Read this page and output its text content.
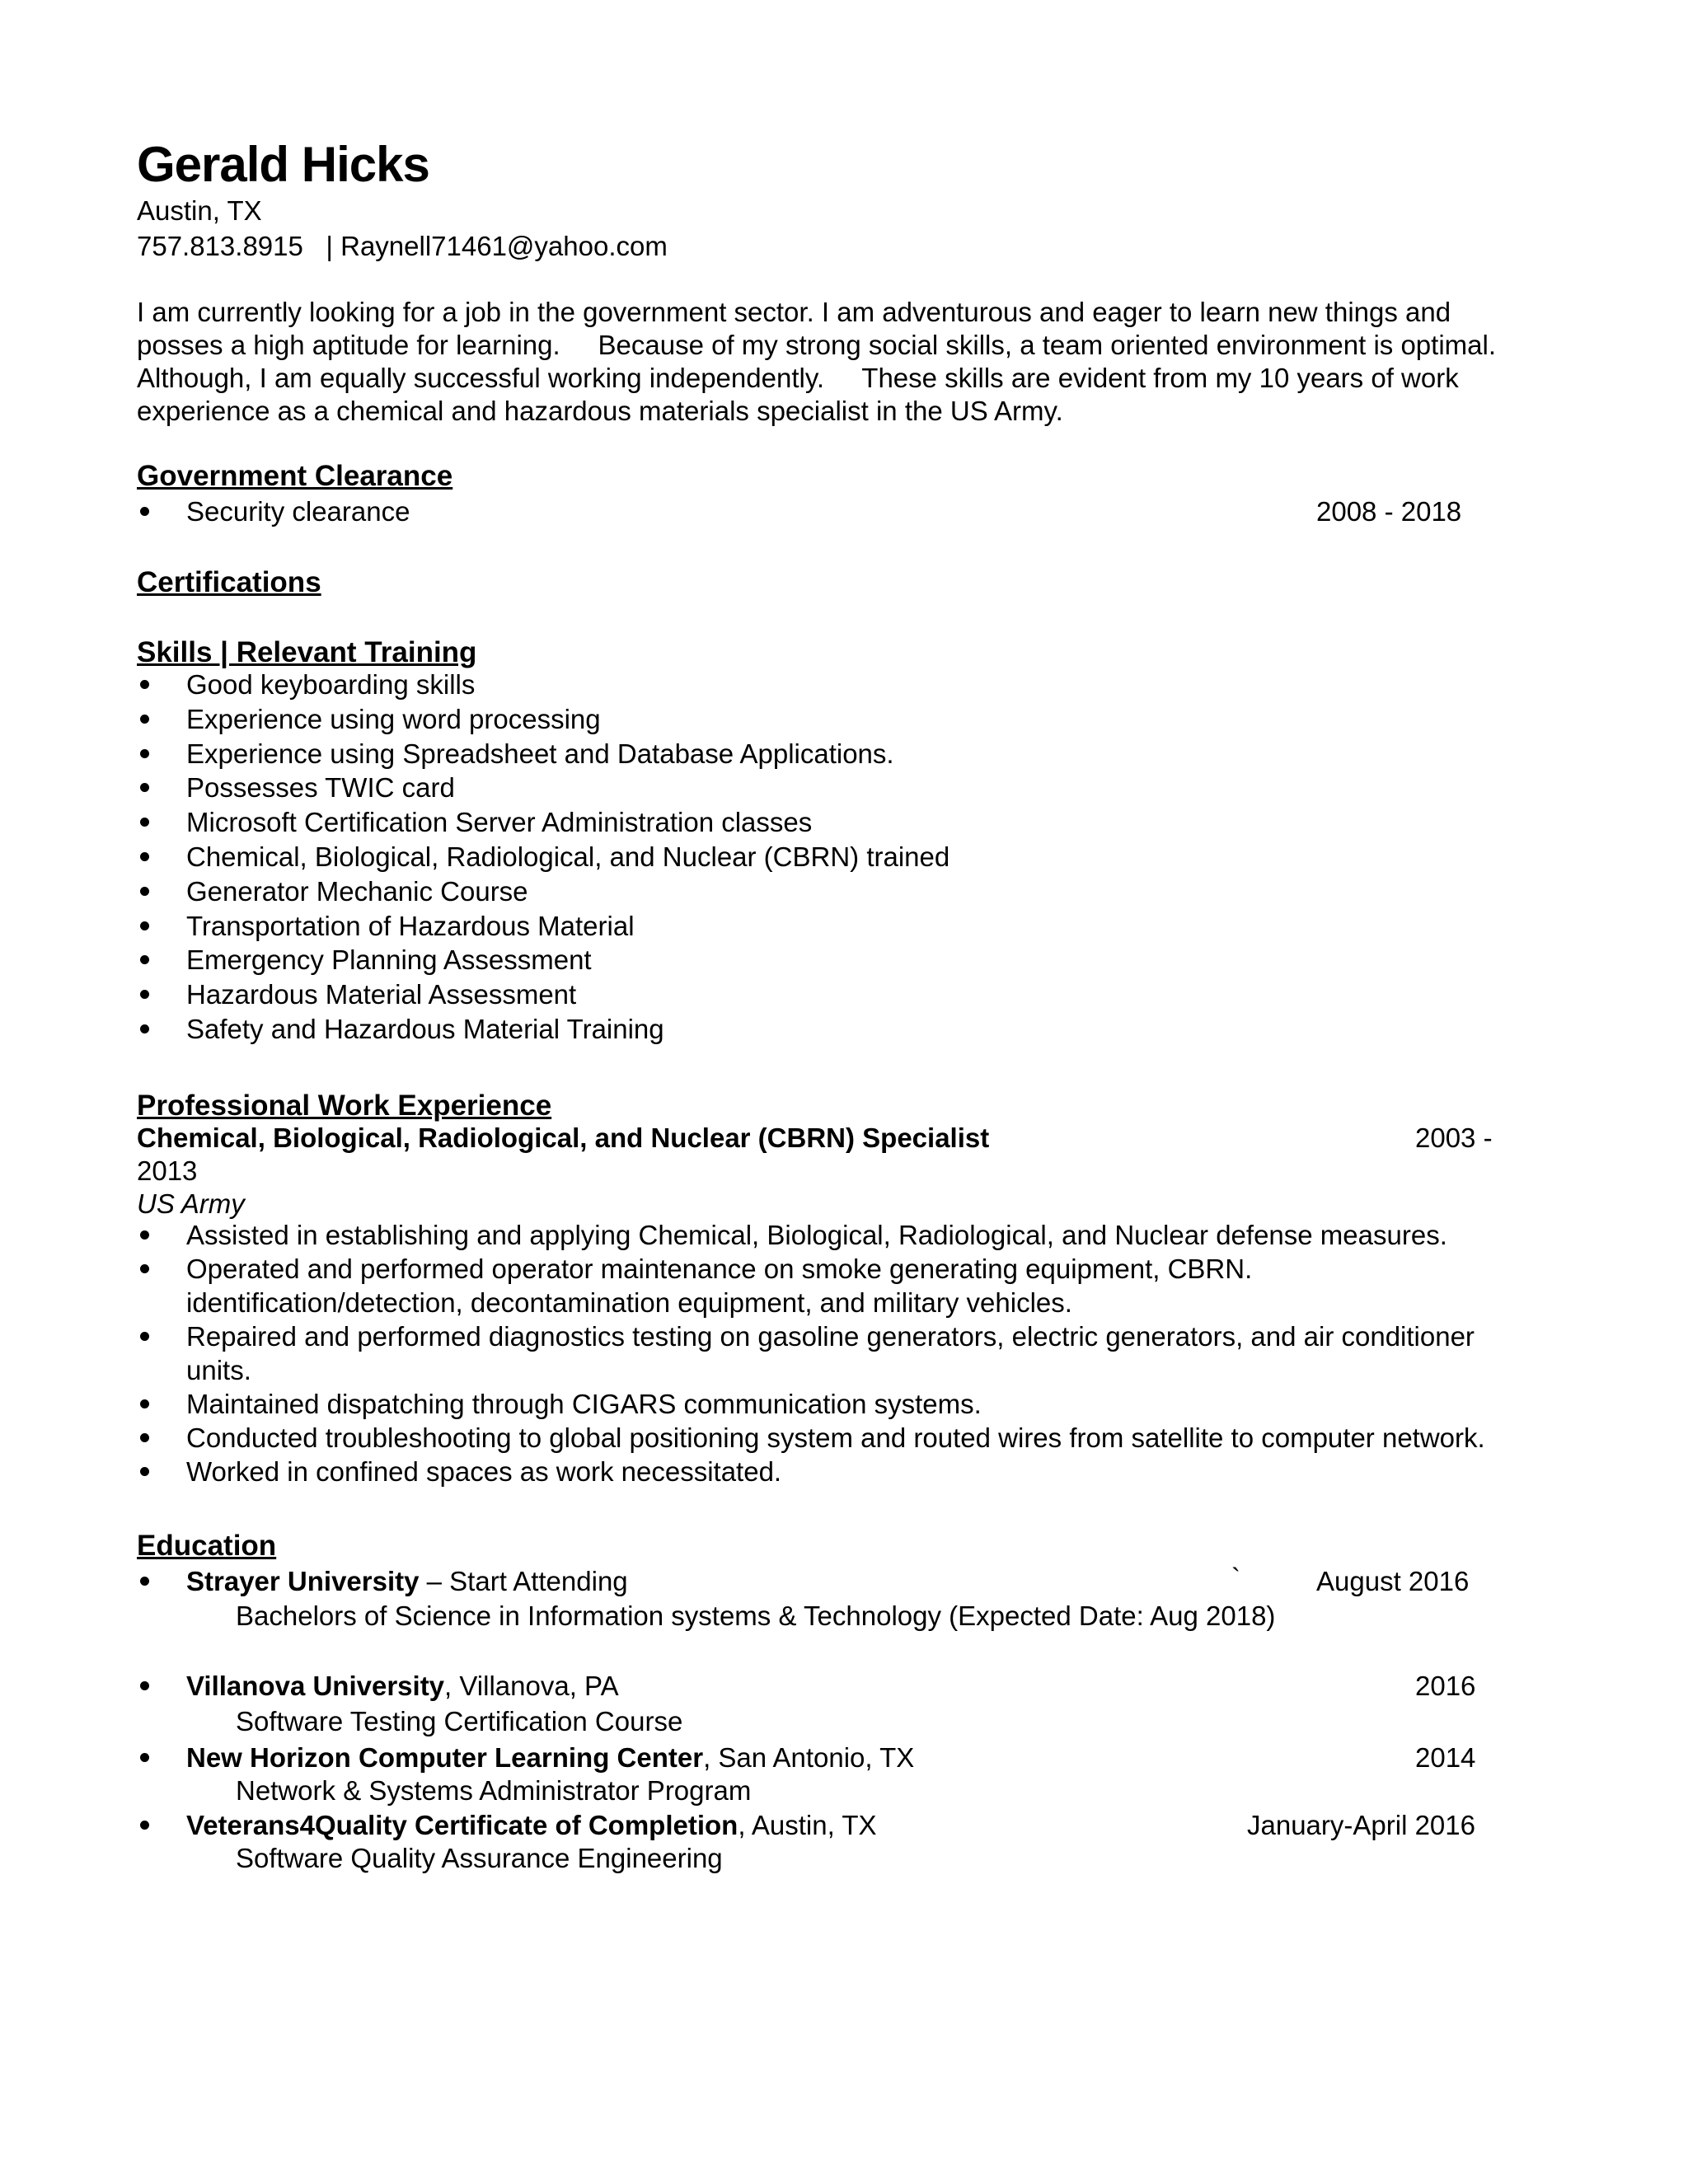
Gerald Hicks
Austin, TX
757.813.8915   | Raynell71461@yahoo.com
I am currently looking for a job in the government sector. I am adventurous and eager to learn new things and
posses a high aptitude for learning.     Because of my strong social skills, a team oriented environment is optimal.
Although, I am equally successful working independently.     These skills are evident from my 10 years of work
experience as a chemical and hazardous materials specialist in the US Army.
Government Clearance
Security clearance	2008 - 2018
Certifications
Skills | Relevant Training
Good keyboarding skills
Experience using word processing
Experience using Spreadsheet and Database Applications.
Possesses TWIC card
Microsoft Certification Server Administration classes
Chemical, Biological, Radiological, and Nuclear (CBRN) trained
Generator Mechanic Course
Transportation of Hazardous Material
Emergency Planning Assessment
Hazardous Material Assessment
Safety and Hazardous Material Training
Professional Work Experience
Chemical, Biological, Radiological, and Nuclear (CBRN) Specialist	2003 -
2013
US Army
Assisted in establishing and applying Chemical, Biological, Radiological, and Nuclear defense measures.
Operated and performed operator maintenance on smoke generating equipment, CBRN.
identification/detection, decontamination equipment, and military vehicles.
Repaired and performed diagnostics testing on gasoline generators, electric generators, and air conditioner
units.
Maintained dispatching through CIGARS communication systems.
Conducted troubleshooting to global positioning system and routed wires from satellite to computer network.
Worked in confined spaces as work necessitated.
Education
Strayer University – Start Attending	`	August 2016
Bachelors of Science in Information systems & Technology (Expected Date: Aug 2018)
Villanova University, Villanova, PA	2016
Software Testing Certification Course
New Horizon Computer Learning Center, San Antonio, TX	2014
Network & Systems Administrator Program
Veterans4Quality Certificate of Completion, Austin, TX	January-April 2016
Software Quality Assurance Engineering
